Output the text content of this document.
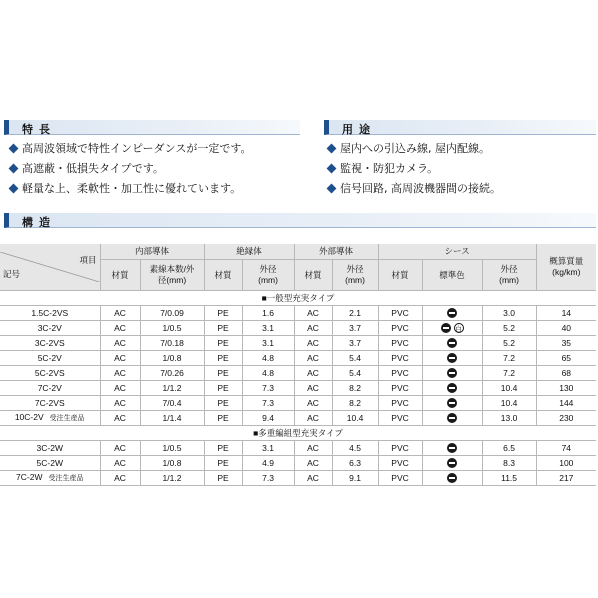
特長
高周波領域で特性インピーダンスが一定です。
高遮蔽・低損失タイプです。
軽量な上、柔軟性・加工性に優れています。
用途
屋内への引込み線, 屋内配線。
監視・防犯カメラ。
信号回路, 高周波機器間の接続。
構造
項目
記号	内部導体		絶縁体		外部導体		シース			概算質量(kg/km)
	材質	素線本数/外径(mm)	材質	外径(mm)	材質	外径(mm)	材質	標準色	外径(mm)	
■一般型充実タイプ										
1.5C-2VS	AC	7/0.09	PE	1.6	AC	2.1	PVC		3.0	14
3C-2V	AC	1/0.5	PE	3.1	AC	3.7	PVC	白	5.2	40
3C-2VS	AC	7/0.18	PE	3.1	AC	3.7	PVC		5.2	35
5C-2V	AC	1/0.8	PE	4.8	AC	5.4	PVC		7.2	65
5C-2VS	AC	7/0.26	PE	4.8	AC	5.4	PVC		7.2	68
7C-2V	AC	1/1.2	PE	7.3	AC	8.2	PVC		10.4	130
7C-2VS	AC	7/0.4	PE	7.3	AC	8.2	PVC		10.4	144
10C-2V 受注生産品	AC	1/1.4	PE	9.4	AC	10.4	PVC		13.0	230
■多重編組型充実タイプ										
3C-2W	AC	1/0.5	PE	3.1	AC	4.5	PVC		6.5	74
5C-2W	AC	1/0.8	PE	4.9	AC	6.3	PVC		8.3	100
7C-2W 受注生産品	AC	1/1.2	PE	7.3	AC	9.1	PVC		11.5	217
